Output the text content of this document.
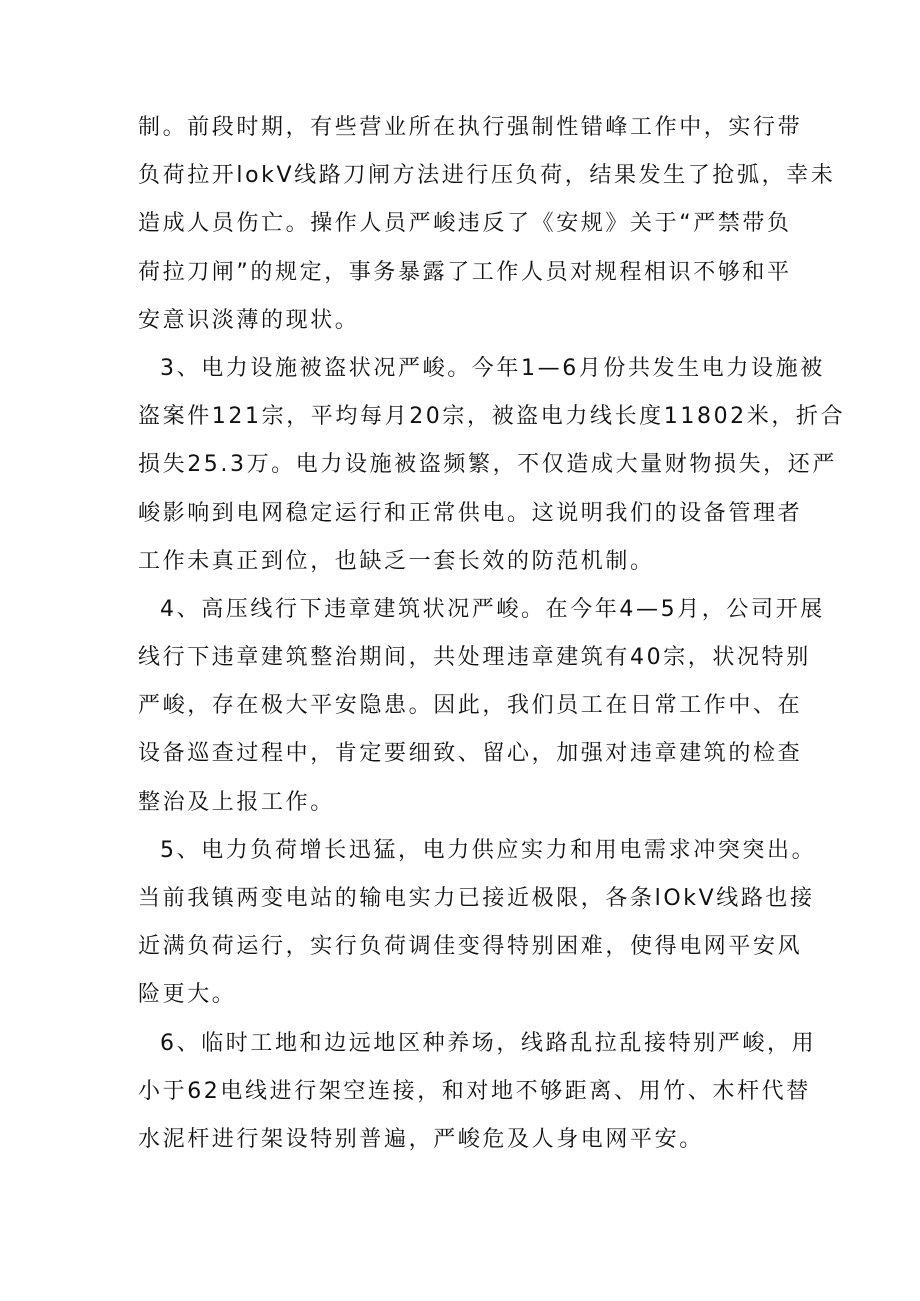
制。前段时期，有些营业所在执行强制性错峰工作中，实行带
负荷拉开lokV线路刀闸方法进行压负荷，结果发生了抢弧，幸未
造成人员伤亡。操作人员严峻违反了《安规》关于“严禁带负
荷拉刀闸”的规定，事务暴露了工作人员对规程相识不够和平
安意识淡薄的现状。
3、电力设施被盗状况严峻。今年1—6月份共发生电力设施被
盗案件121宗，平均每月20宗，被盗电力线长度11802米，折合
损失25.3万。电力设施被盗频繁，不仅造成大量财物损失，还严
峻影响到电网稳定运行和正常供电。这说明我们的设备管理者
工作未真正到位，也缺乏一套长效的防范机制。
4、高压线行下违章建筑状况严峻。在今年4—5月，公司开展
线行下违章建筑整治期间，共处理违章建筑有40宗，状况特别
严峻，存在极大平安隐患。因此，我们员工在日常工作中、在
设备巡查过程中，肯定要细致、留心，加强对违章建筑的检查
整治及上报工作。
5、电力负荷增长迅猛，电力供应实力和用电需求冲突突出。
当前我镇两变电站的输电实力已接近极限，各条lOkV线路也接
近满负荷运行，实行负荷调佳变得特别困难，使得电网平安风
险更大。
6、临时工地和边远地区种养场，线路乱拉乱接特别严峻，用
小于62电线进行架空连接，和对地不够距离、用竹、木杆代替
水泥杆进行架设特别普遍，严峻危及人身电网平安。
